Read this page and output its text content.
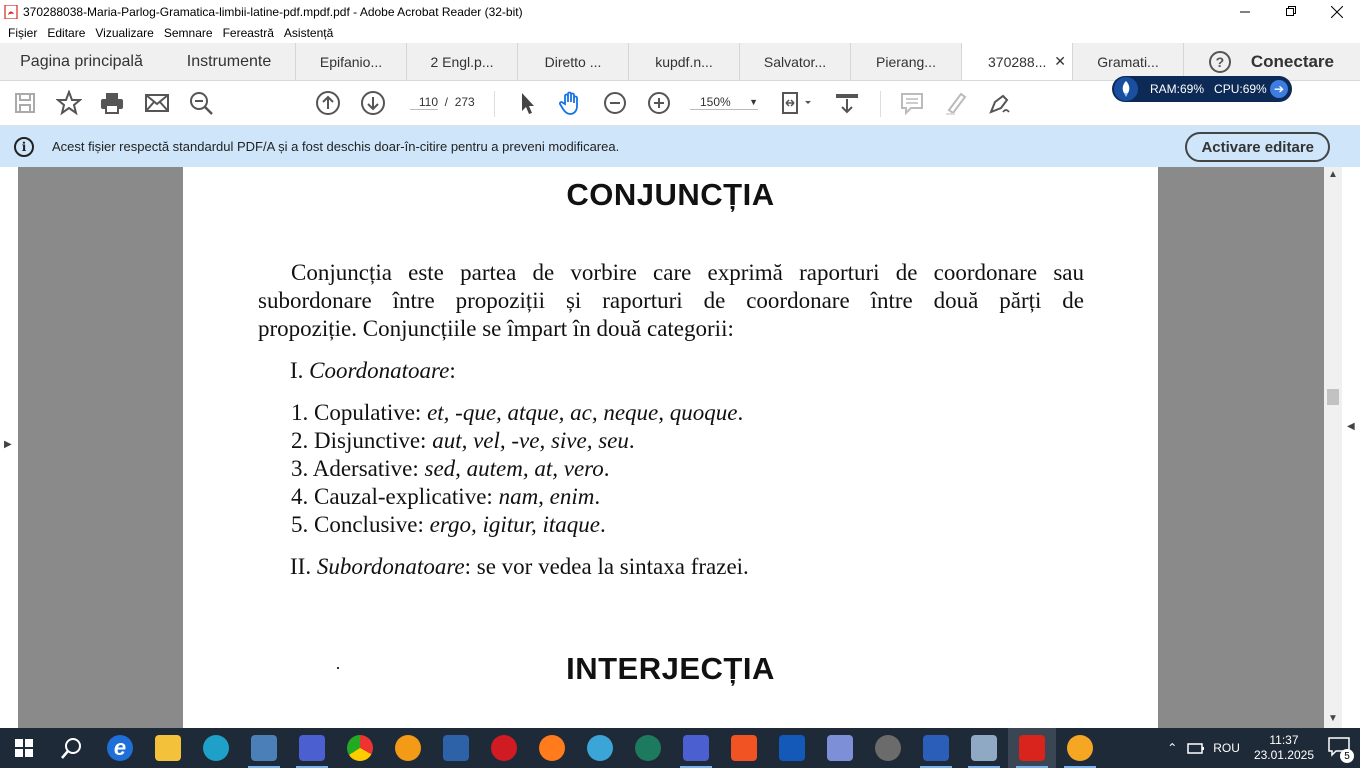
370288038-Maria-Parlog-Gramatica-limbii-latine-pdf.mpdf.pdf - Adobe Acrobat Reader (32-bit)
Fișier Editare Vizualizare Semnare Fereastră Asistență
Pagina principală	Instrumente	Epifanio...	2 Engl.p...	Diretto ...	kupdf.n...	Salvator...	Pierang...	370288... ✕ Gramati...	?	Conectare
110 / 273	150% ▼
RAM:69% CPU:69% ➔
i	Acest fișier respectă standardul PDF/A și a fost deschis doar-în-citire pentru a preveni modificarea.	Activare editare
▶
CONJUNCȚIA
Conjuncția este partea de vorbire care exprimă raporturi de coordonare sau
subordonare între propoziții și raporturi de coordonare între două părți de
propoziție. Conjuncțiile se împart în două categorii:
I. Coordonatoare:
1. Copulative: et, -que, atque, ac, neque, quoque.
2. Disjunctive: aut, vel, -ve, sive, seu.
3. Adersative: sed, autem, at, vero.
4. Cauzal-explicative: nam, enim.
5. Conclusive: ergo, igitur, itaque.
II. Subordonatoare: se vor vedea la sintaxa frazei.
INTERJECȚIA
▲
▼
◀
e	⌃	ROU
11:37
23.01.2025	5
